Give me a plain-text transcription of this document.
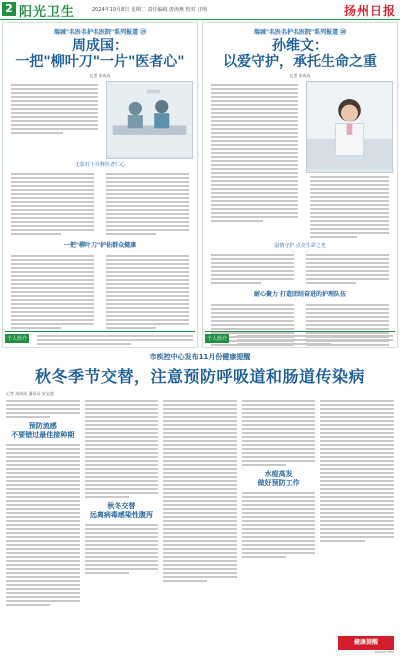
2 阳光卫生	2024年10月8日 星期二 责任编辑 唐海燕 校对 汪明	扬州日报
瑞城"名医名护名医院"系列报道 ⑲
周成国：
一把"柳叶刀"一片"医者心"
记者 宋成成
无影灯下诠释医者仁心
一把"柳叶刀"护佑群众健康
个人简介
瑞城"名医名护名医院"系列报道 ⑳
孙维文：
以爱守护，承托生命之重
记者 宋成成
温情守护 点亮生命之光
耐心聚力 打造团结奋进的护理队伍
个人简介
市疾控中心发布11月份健康提醒
秋冬季节交替，注意预防呼吸道和肠道传染病
记者 周成成 通讯员 宋宝波
预防流感
不要错过最佳接种期
秋冬交替
远离病毒感染性腹泻
水痘高发
做好预防工作
健康提醒
HEALTH TIPS
